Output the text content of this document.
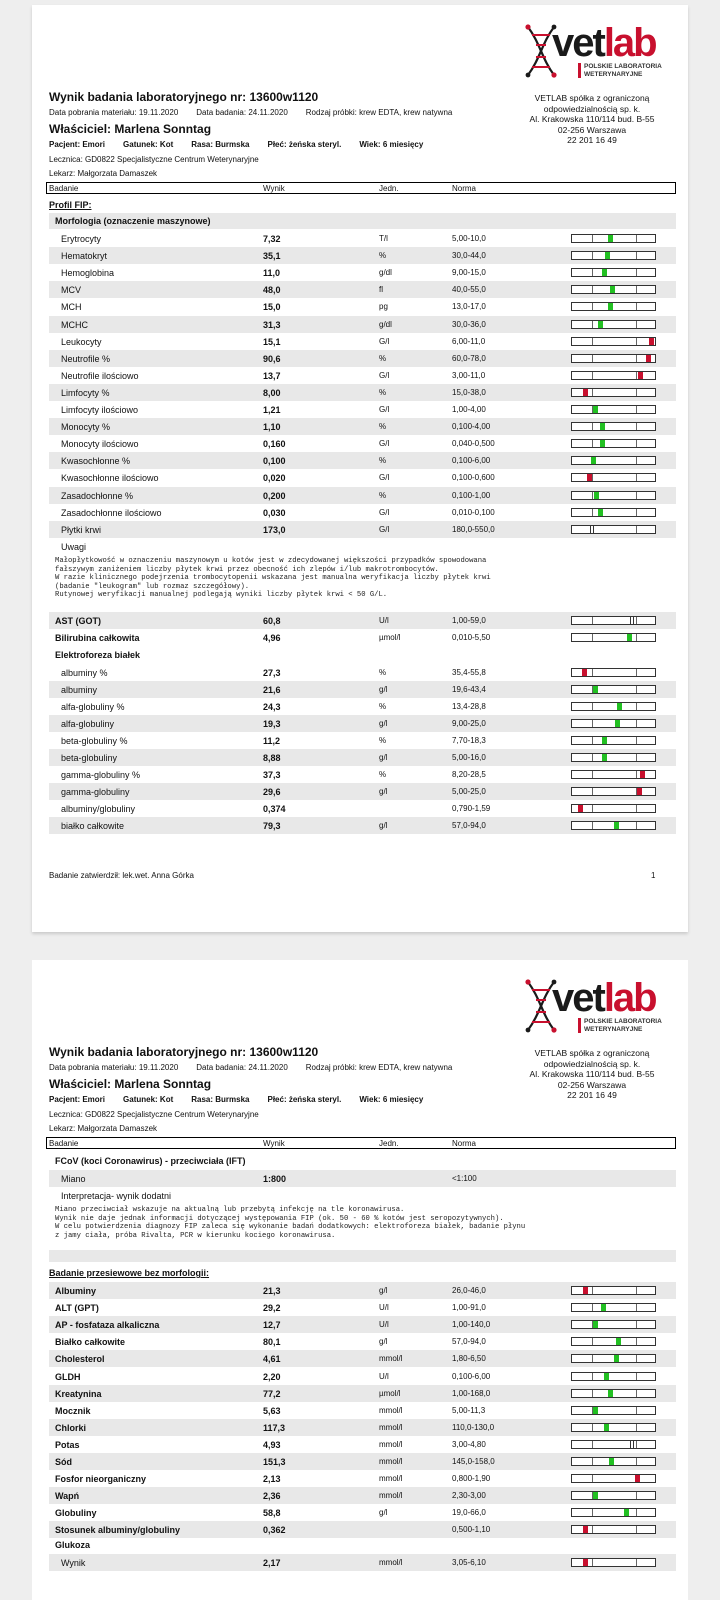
vetlab
POLSKIE LABORATORIA
WETERYNARYJNE
VETLAB spółka z ograniczoną
odpowiedzialnością sp. k.
Al. Krakowska 110/114 bud. B-55
02-256 Warszawa
22 201 16 49
Wynik badania laboratoryjnego nr: 13600w1120
Data pobrania materiału: 19.11.2020 Data badania: 24.11.2020 Rodzaj próbki: krew EDTA, krew natywna
Właściciel: Marlena Sonntag
Pacjent: Emori Gatunek: Kot Rasa: Burmska Płeć: żeńska steryl. Wiek: 6 miesięcy
Lecznica: GD0822 Specjalistyczne Centrum Weterynaryjne
Lekarz: Małgorzata Damaszek
Badanie	Wynik	Jedn.	Norma
Profil FIP:
Morfologia (oznaczenie maszynowe)
Uwagi
Małopłytkowość w oznaczeniu maszynowym u kotów jest w zdecydowanej większości przypadków spowodowana
fałszywym zaniżeniem liczby płytek krwi przez obecność ich zlepów i/lub makrotrombocytów.
W razie klinicznego podejrzenia trombocytopenii wskazana jest manualna weryfikacja liczby płytek krwi
(badanie "leukogram" lub rozmaz szczegółowy).
Rutynowej weryfikacji manualnej podlegają wyniki liczby płytek krwi < 50 G/L.
Elektroforeza białek
Badanie zatwierdził: lek.wet. Anna Górka	1
Erytrocyty	7,32	T/l	5,00-10,0
Hematokryt	35,1	%	30,0-44,0
Hemoglobina	11,0	g/dl	9,00-15,0
MCV	48,0	fl	40,0-55,0
MCH	15,0	pg	13,0-17,0
MCHC	31,3	g/dl	30,0-36,0
Leukocyty	15,1	G/l	6,00-11,0
Neutrofile %	90,6	%	60,0-78,0
Neutrofile ilościowo	13,7	G/l	3,00-11,0
Limfocyty %	8,00	%	15,0-38,0
Limfocyty ilościowo	1,21	G/l	1,00-4,00
Monocyty %	1,10	%	0,100-4,00
Monocyty ilościowo	0,160	G/l	0,040-0,500
Kwasochłonne %	0,100	%	0,100-6,00
Kwasochłonne ilościowo	0,020	G/l	0,100-0,600
Zasadochłonne %	0,200	%	0,100-1,00
Zasadochłonne ilościowo	0,030	G/l	0,010-0,100
Płytki krwi	173,0	G/l	180,0-550,0
AST (GOT)	60,8	U/l	1,00-59,0
Bilirubina całkowita	4,96	µmol/l	0,010-5,50
albuminy %	27,3	%	35,4-55,8
albuminy	21,6	g/l	19,6-43,4
alfa-globuliny %	24,3	%	13,4-28,8
alfa-globuliny	19,3	g/l	9,00-25,0
beta-globuliny %	11,2	%	7,70-18,3
beta-globuliny	8,88	g/l	5,00-16,0
gamma-globuliny %	37,3	%	8,20-28,5
gamma-globuliny	29,6	g/l	5,00-25,0
albuminy/globuliny	0,374	0,790-1,59
białko całkowite	79,3	g/l	57,0-94,0
vetlab
POLSKIE LABORATORIA
WETERYNARYJNE
VETLAB spółka z ograniczoną
odpowiedzialnością sp. k.
Al. Krakowska 110/114 bud. B-55
02-256 Warszawa
22 201 16 49
Wynik badania laboratoryjnego nr: 13600w1120
Data pobrania materiału: 19.11.2020 Data badania: 24.11.2020 Rodzaj próbki: krew EDTA, krew natywna
Właściciel: Marlena Sonntag
Pacjent: Emori Gatunek: Kot Rasa: Burmska Płeć: żeńska steryl. Wiek: 6 miesięcy
Lecznica: GD0822 Specjalistyczne Centrum Weterynaryjne
Lekarz: Małgorzata Damaszek
Badanie	Wynik	Jedn.	Norma
FCoV (koci Coronawirus) - przeciwciała (IFT)
Miano	1:800	<1:100
Interpretacja- wynik dodatni
Miano przeciwciał wskazuje na aktualną lub przebytą infekcję na tle koronawirusa.
Wynik nie daje jednak informacji dotyczącej występowania FIP (ok. 50 - 60 % kotów jest seropozytywnych).
W celu potwierdzenia diagnozy FIP zaleca się wykonanie badań dodatkowych: elektroforeza białek, badanie płynu
z jamy ciała, próba Rivalta, PCR w kierunku kociego koronawirusa.
Badanie przesiewowe bez morfologii:
Glukoza
Albuminy	21,3	g/l	26,0-46,0
ALT (GPT)	29,2	U/l	1,00-91,0
AP - fosfataza alkaliczna	12,7	U/l	1,00-140,0
Białko całkowite	80,1	g/l	57,0-94,0
Cholesterol	4,61	mmol/l	1,80-6,50
GLDH	2,20	U/l	0,100-6,00
Kreatynina	77,2	µmol/l	1,00-168,0
Mocznik	5,63	mmol/l	5,00-11,3
Chlorki	117,3	mmol/l	110,0-130,0
Potas	4,93	mmol/l	3,00-4,80
Sód	151,3	mmol/l	145,0-158,0
Fosfor nieorganiczny	2,13	mmol/l	0,800-1,90
Wapń	2,36	mmol/l	2,30-3,00
Globuliny	58,8	g/l	19,0-66,0
Stosunek albuminy/globuliny	0,362	0,500-1,10
Wynik	2,17	mmol/l	3,05-6,10
